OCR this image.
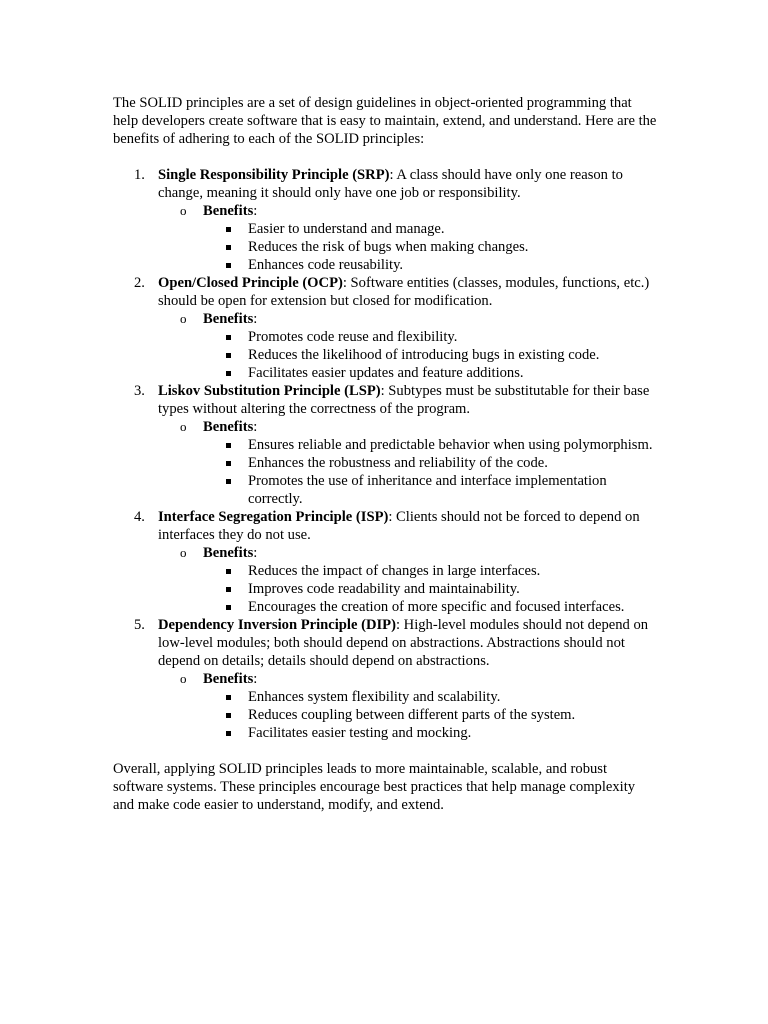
The SOLID principles are a set of design guidelines in object-oriented programming that help developers create software that is easy to maintain, extend, and understand. Here are the benefits of adhering to each of the SOLID principles:

1. Single Responsibility Principle (SRP): A class should have only one reason to change, meaning it should only have one job or responsibility.

o Benefits:

Easier to understand and manage.
Reduces the risk of bugs when making changes.
Enhances code reusability.
2. Open/Closed Principle (OCP): Software entities (classes, modules, functions, etc.) should be open for extension but closed for modification.

o Benefits:

Promotes code reuse and flexibility.
Reduces the likelihood of introducing bugs in existing code.
Facilitates easier updates and feature additions.
3. Liskov Substitution Principle (LSP): Subtypes must be substitutable for their base types without altering the correctness of the program.

o Benefits:

Ensures reliable and predictable behavior when using polymorphism.
Enhances the robustness and reliability of the code.
Promotes the use of inheritance and interface implementation correctly.
4. Interface Segregation Principle (ISP): Clients should not be forced to depend on interfaces they do not use.

o Benefits:

Reduces the impact of changes in large interfaces.
Improves code readability and maintainability.
Encourages the creation of more specific and focused interfaces.
5. Dependency Inversion Principle (DIP): High-level modules should not depend on low-level modules; both should depend on abstractions. Abstractions should not depend on details; details should depend on abstractions.

o Benefits:

Enhances system flexibility and scalability.
Reduces coupling between different parts of the system.
Facilitates easier testing and mocking.

Overall, applying SOLID principles leads to more maintainable, scalable, and robust software systems. These principles encourage best practices that help manage complexity and make code easier to understand, modify, and extend.
